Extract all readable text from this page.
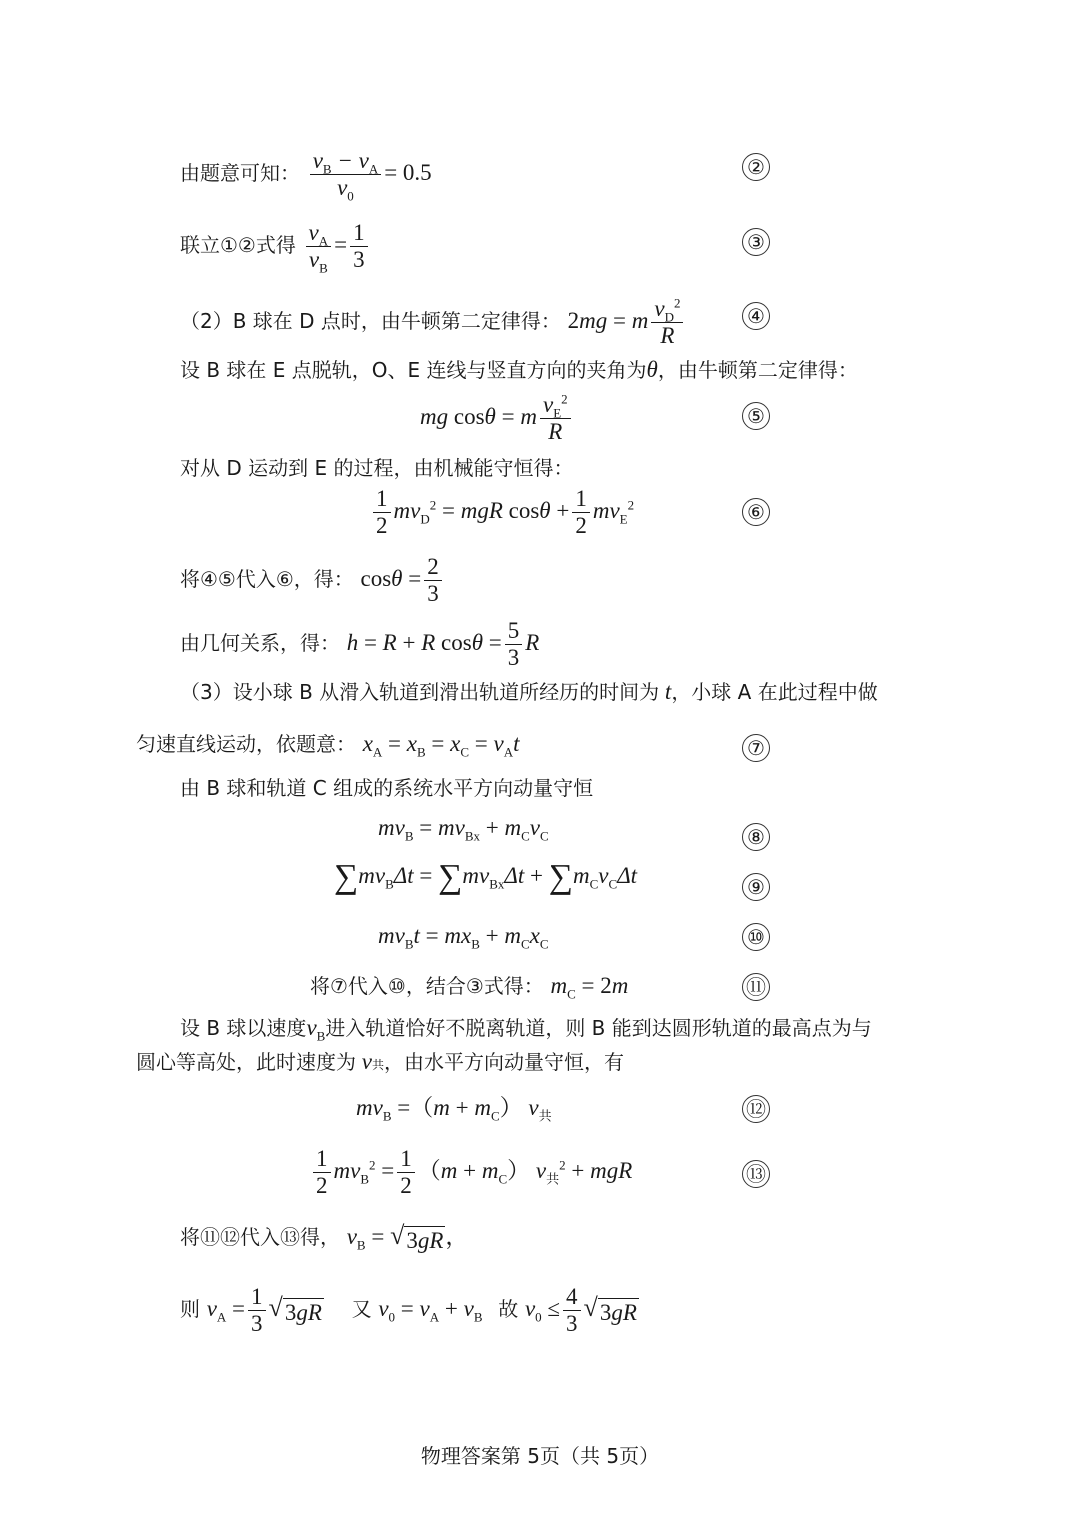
由题意可知： $\frac{v_B - v_A}{v_0} = 0.5$	②
联立①②式得 $\frac{v_A}{v_B} = \frac{1}{3}$	③
（2）B 球在 D 点时，由牛顿第二定律得： 2mg = m $\frac{v_D^2}{R}$	④
设 B 球在 E 点脱轨，O、E 连线与竖直方向的夹角为θ，由牛顿第二定律得：
mg cosθ = m $\frac{v_E^2}{R}$	⑤
对从 D 运动到 E 的过程，由机械能守恒得：
$\frac{1}{2} mv_D^2$ = mgR $\cos\theta + \frac{1}{2} mv_E^2$	⑥
将④⑤代入⑥，得： $\cos\theta = \frac{2}{3}$
由几何关系，得： h = R + R $\cos\theta = \frac{5}{3}$ R
（3）设小球 B 从滑入轨道到滑出轨道所经历的时间为 t，小球 A 在此过程中做
匀速直线运动，依题意： $x_A = x_B = x_C = v_At$	⑦
由 B 球和轨道 C 组成的系统水平方向动量守恒
$mv_B = mv_{Bx} + m_Cv_C$	⑧
$\sum mv_B\Delta t = \sum mv_{Bx}\Delta t + \sum m_Cv_C\Delta t$	⑨
$mv_Bt = mx_B + m_Cx_C$	⑩
将⑦代入⑩，结合③式得： $m_C = 2m$	⑪
设 B 球以速度$v_B$进入轨道恰好不脱离轨道，则 B 能到达圆形轨道的最高点为与
圆心等高处，此时速度为 v共，由水平方向动量守恒，有
$mv_B =(m + m_C)$ $v_共$	⑫
$\frac{1}{2} mv_B^2 = \frac{1}{2} (m + m_C) v_共^2$ + mgR	⑬
将⑪⑫代入⑬得， $v_B$ = √ 3gR ，
则 $v_A = \frac{1}{3}$ √ 3gR 又 $v_0 = v_A + v_B$ 故 $v_0 \le \frac{4}{3}$ √ 3gR
物理答案第 5页（共 5页）
